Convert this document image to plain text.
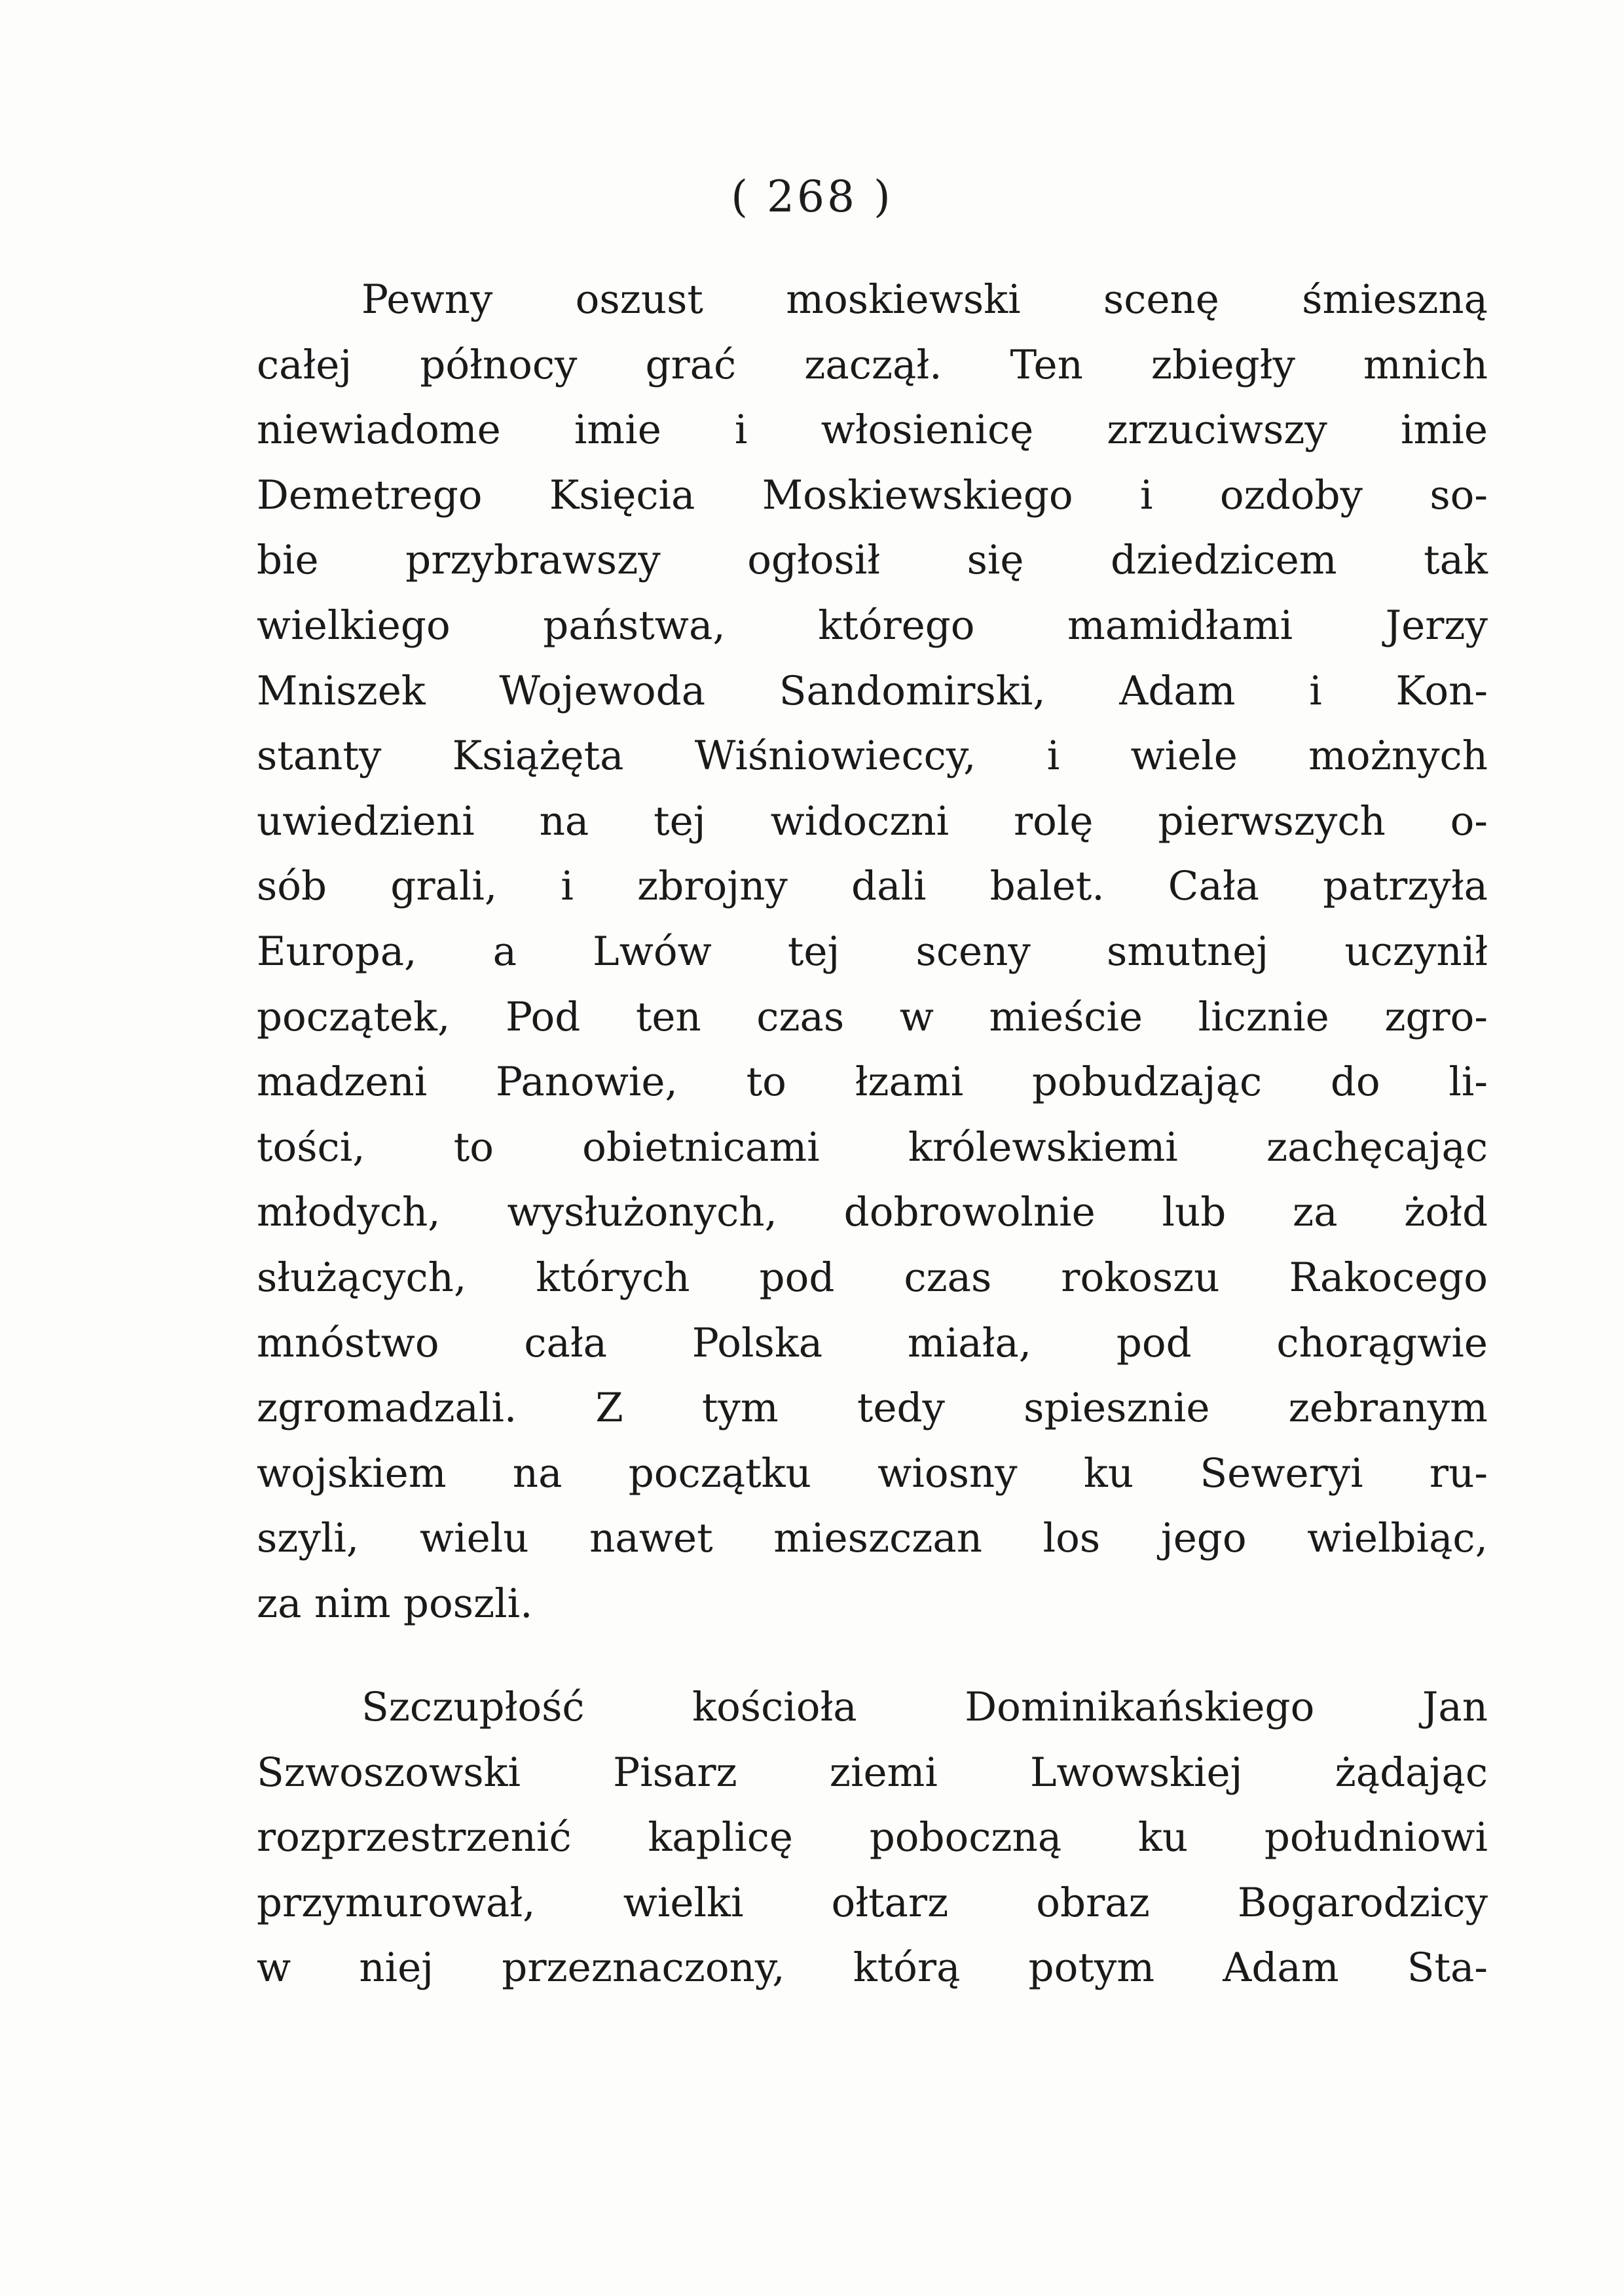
( 268 )
Pewny oszust moskiewski scenę śmieszną
całej północy grać zaczął. Ten zbiegły mnich
niewiadome imie i włosienicę zrzuciwszy imie
Demetrego Księcia Moskiewskiego i ozdoby so-
bie przybrawszy ogłosił się dziedzicem tak
wielkiego państwa, którego mamidłami Jerzy
Mniszek Wojewoda Sandomirski, Adam i Kon-
stanty Książęta Wiśniowieccy, i wiele możnych
uwiedzieni na tej widoczni rolę pierwszych o-
sób grali, i zbrojny dali balet. Cała patrzyła
Europa, a Lwów tej sceny smutnej uczynił
początek, Pod ten czas w mieście licznie zgro-
madzeni Panowie, to łzami pobudzając do li-
tości, to obietnicami królewskiemi zachęcając
młodych, wysłużonych, dobrowolnie lub za żołd
służących, których pod czas rokoszu Rakocego
mnóstwo cała Polska miała, pod chorągwie
zgromadzali. Z tym tedy spiesznie zebranym
wojskiem na początku wiosny ku Seweryi ru-
szyli, wielu nawet mieszczan los jego wielbiąc,
za nim poszli.
Szczupłość kościoła Dominikańskiego Jan
Szwoszowski Pisarz ziemi Lwowskiej żądając
rozprzestrzenić kaplicę poboczną ku południowi
przymurował, wielki ołtarz obraz Bogarodzicy
w niej przeznaczony, którą potym Adam Sta-
